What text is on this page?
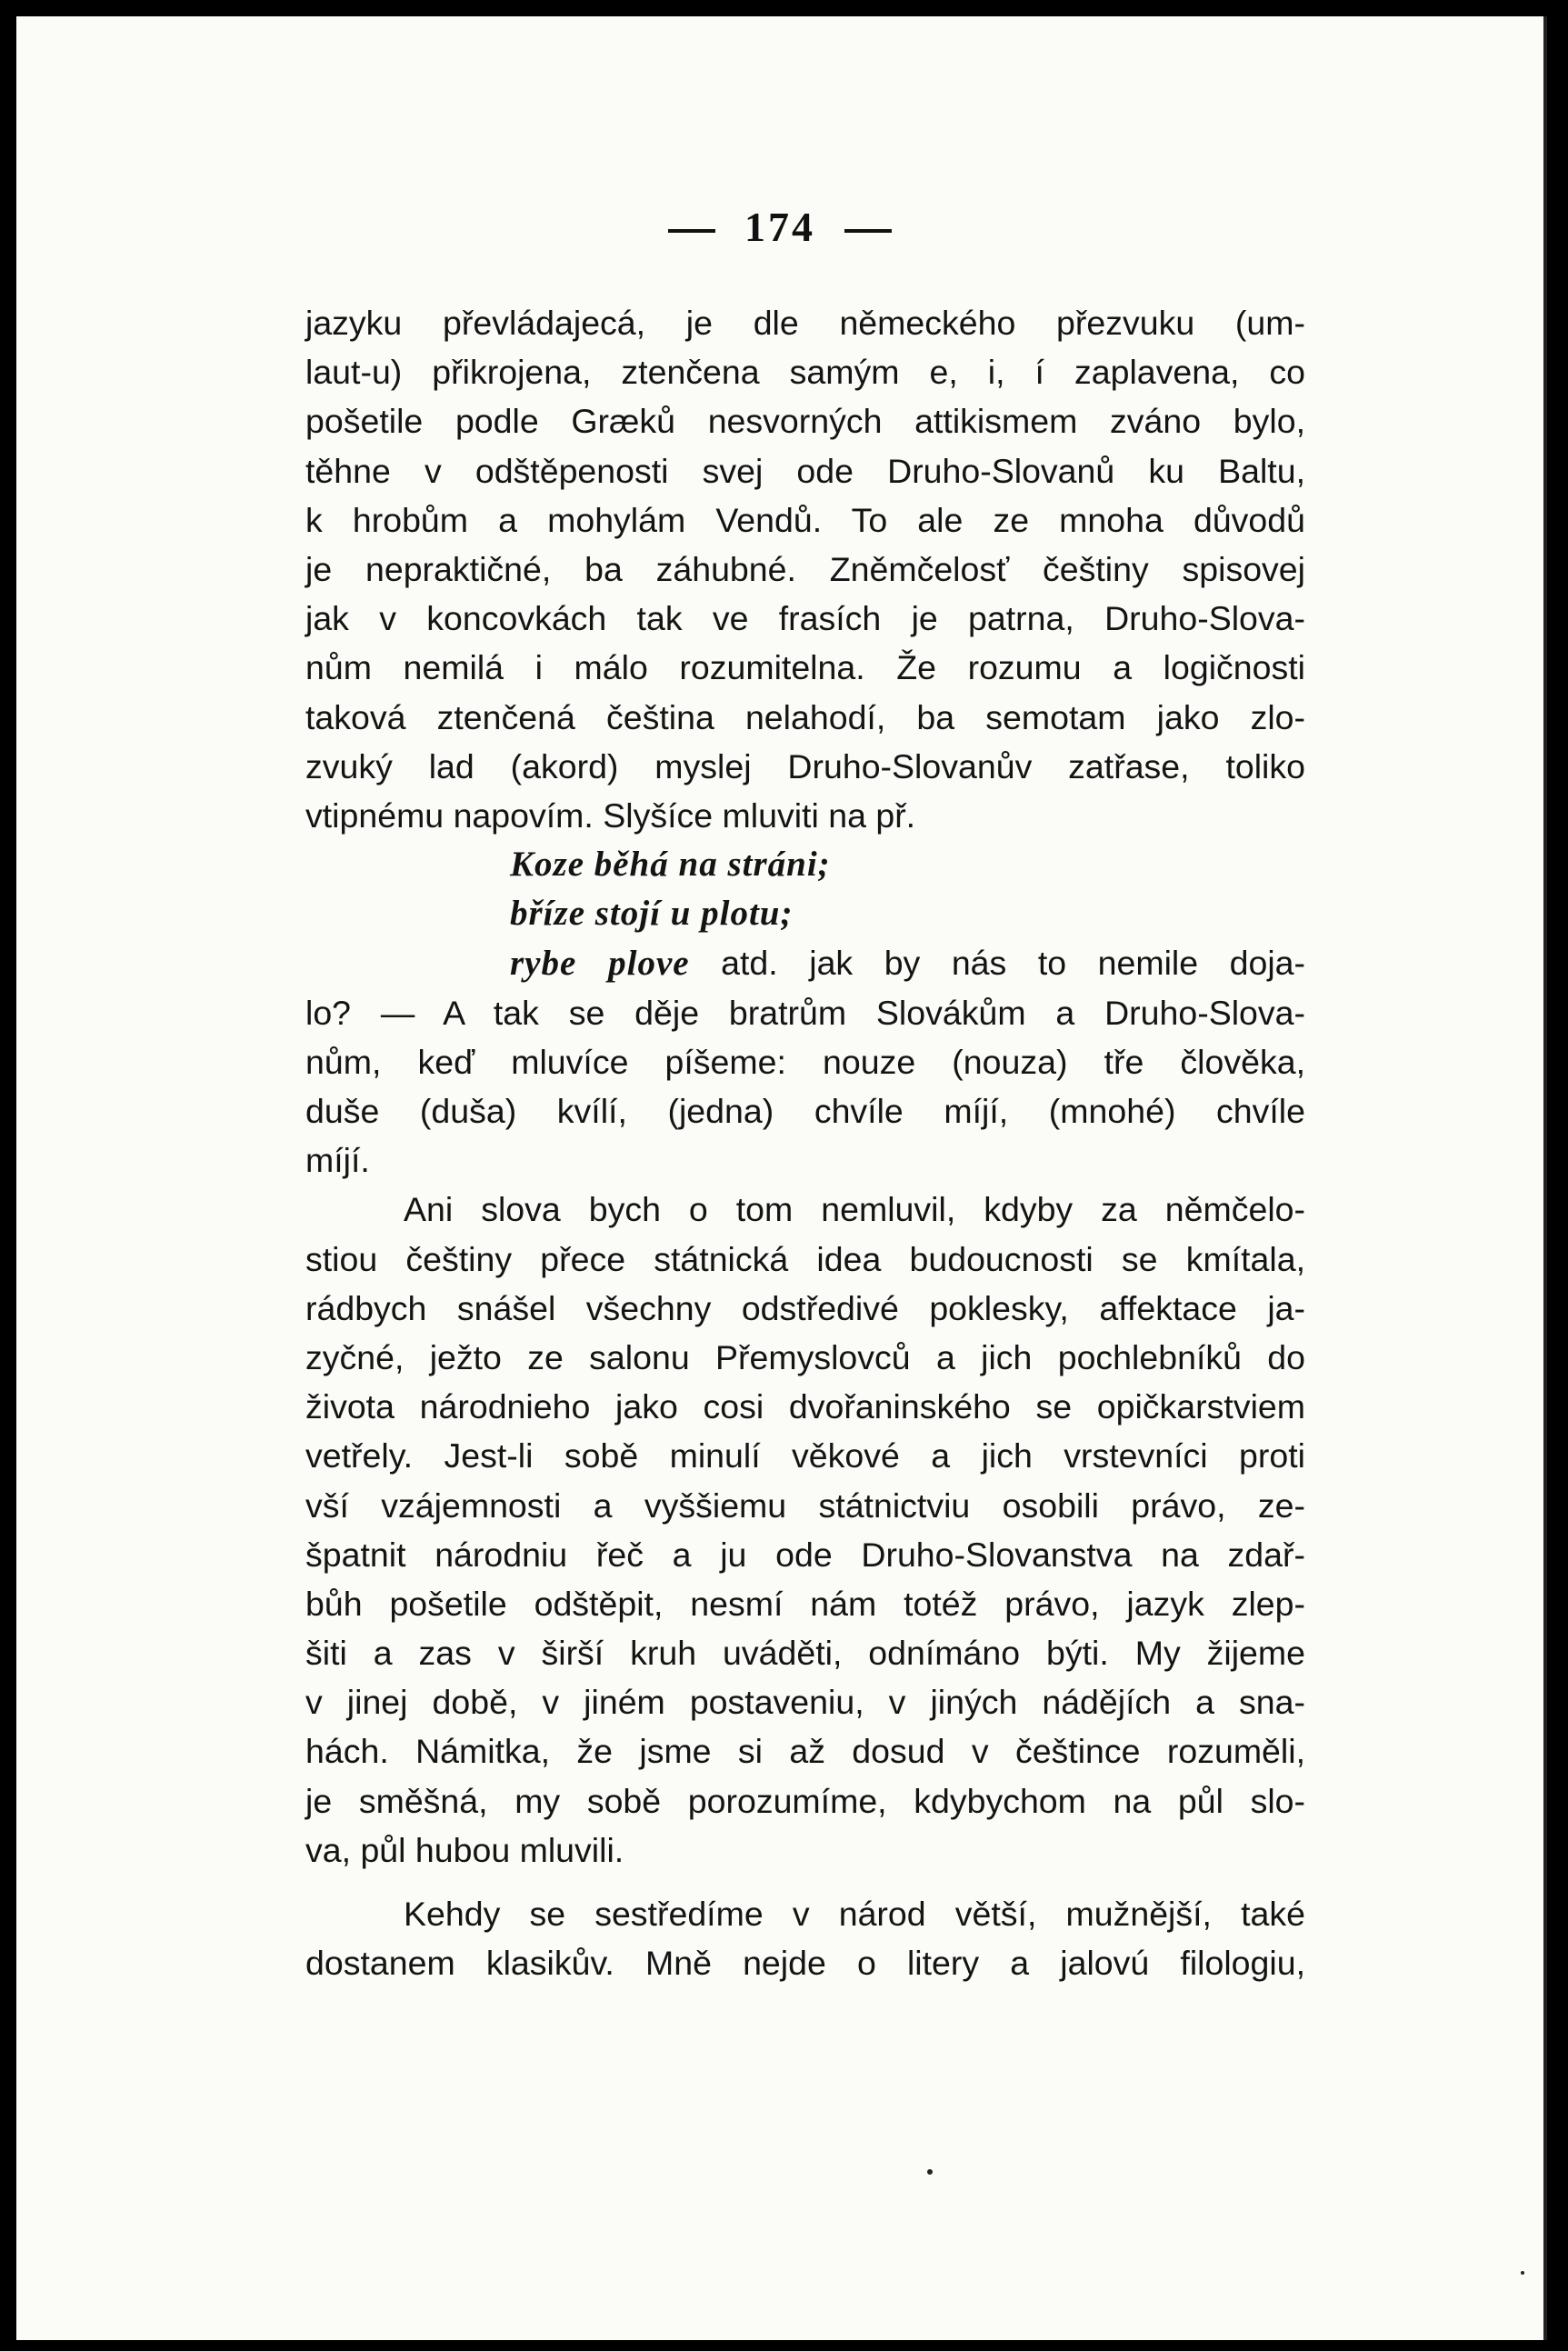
174
jazyku převládajecá, je dle německého přezvuku (um-
laut-u) přikrojena, ztenčena samým e, i, í zaplavena, co
pošetile podle Græků nesvorných attikismem zváno bylo,
těhne v odštěpenosti svej ode Druho-Slovanů ku Baltu,
k hrobům a mohylám Vendů. To ale ze mnoha důvodů
je nepraktičné, ba záhubné. Zněmčelosť češtiny spisovej
jak v koncovkách tak ve frasích je patrna, Druho-Slova-
nům nemilá i málo rozumitelna. Že rozumu a logičnosti
taková ztenčená čeština nelahodí, ba semotam jako zlo-
zvuký lad (akord) myslej Druho-Slovanův zatřase, toliko
vtipnému napovím. Slyšíce mluviti na př.
Koze běhá na stráni;
bříze stojí u plotu;
rybe plove atd. jak by nás to nemile doja-
lo? — A tak se děje bratrům Slovákům a Druho-Slova-
nům, keď mluvíce píšeme: nouze (nouza) tře člověka,
duše (duša) kvílí, (jedna) chvíle míjí, (mnohé) chvíle
míjí.
Ani slova bych o tom nemluvil, kdyby za němčelo-
stiou češtiny přece státnická idea budoucnosti se kmítala,
rádbych snášel všechny odstředivé poklesky, affektace ja-
zyčné, ježto ze salonu Přemyslovců a jich pochlebníků do
života národnieho jako cosi dvořaninského se opičkarstviem
vetřely. Jest-li sobě minulí věkové a jich vrstevníci proti
vší vzájemnosti a vyššiemu státnictviu osobili právo, ze-
špatnit národniu řeč a ju ode Druho-Slovanstva na zdař-
bůh pošetile odštěpit, nesmí nám totéž právo, jazyk zlep-
šiti a zas v širší kruh uváděti, odnímáno býti. My žijeme
v jinej době, v jiném postaveniu, v jiných nádějích a sna-
hách. Námitka, že jsme si až dosud v češtince rozuměli,
je směšná, my sobě porozumíme, kdybychom na půl slo-
va, půl hubou mluvili.
Kehdy se sestředíme v národ větší, mužnější, také
dostanem klasikův. Mně nejde o litery a jalovú filologiu,
